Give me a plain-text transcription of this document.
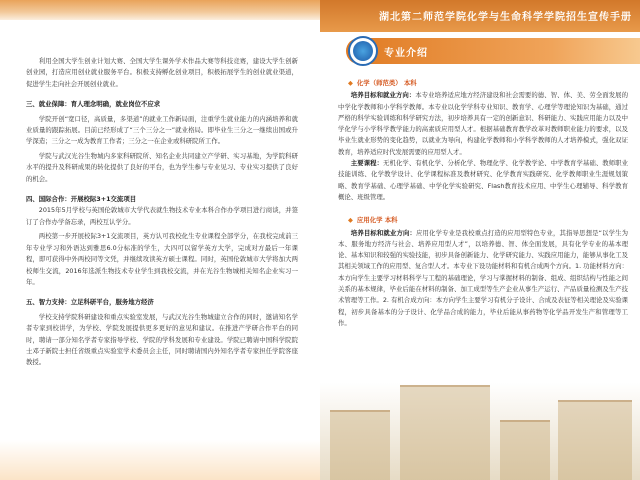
利用全国大学生创业计划大赛、全国大学生课外学术作品大赛等科技竞赛，建设大学生创新创业园，打造应用创业就业服务平台。积极支持孵化创业项目，积极拓展学生的创业就业渠道，促进学生走向社会开展创业就业。

三、就业保障：育人理念明确，就业岗位不应求

学院开创“宽口径，高质量，多渠道”的就业工作新局面，注重学生就业能力的内涵培养和就业质量的跟踪拓展。目前已经形成了“三个三分之一”就业格局。即毕业生三分之一继续出国或升学深造；三分之一成为教育工作者；三分之一在企业或科研院所工作。

学院与武汉光谷生物城内多家科研院所、知名企业共同建立产学研、实习基地，为学院科研水平的提升及科研成果的转化提供了良好的平台，也为学生参与专业见习、专业实习提供了良好的机会。

四、国际合作：开展校际3+1交流项目

2015年5月学校与英国伦敦城市大学代表就生物技术专业本科合作办学项目进行商谈，并签订了合作办学备忘录，两校互认学分。

两校第一步开展校际3+1交流项目，英方认可我校化生专业课程全部学分，在我校完成前三年专业学习和外语达到雅思6.0分标准的学生，大四可以留学英方大学，完成对方最后一年课程，即可获得中外两校同等文凭，并继续攻读英方硕士课程。同时，英国伦敦城市大学将加大两校师生交流，2016年选派生物技术专业学生到我校交流，并在光谷生物城相关知名企业实习一年。

五、智力支持：立足科研平台，服务地方经济

学校支持学院科研建设和重点实验室发展，与武汉光谷生物城建立合作的同时，邀请知名学者专家到校讲学，为学校、学院发展提供更多更好的意见和建议。在推进产学研合作平台的同时，聘请一部分知名学者专家指导学校、学院的学科发展和专业建设。学院已聘请中国科学院院士邓子新院士担任省级重点实验室学术委员会主任，同时聘请国内外知名学者专家担任学院客座教授。

湖北第二师范学院化学与生命科学学院招生宣传手册
专业介绍

◆ 化学（师范类） 本科

培养目标和就业方向：本专业培养适应地方经济建设和社会需要的德、智、体、美、劳全面发展的中学化学教师和小学科学教师。本专业以化学学科专业知识、教育学、心理学等理论知识为基础，通过严格的科学实验训练和科学研究方法，初步培养具有一定的创新意识、科研能力、实践应用能力以及中学化学与小学科学教学能力的高素质应用型人才。根据基础教育教学改革对教师职业能力的要求，以及毕业生就业形势的变化趋势，以就业为导向，构建化学教师和小学科学教师的人才培养模式，强化双证教育，培养适应时代发展需要的应用型人才。

主要课程：无机化学、有机化学、分析化学、物理化学、化学教学论、中学教育学基础、教师职业技能训练、化学教学设计、化学课程标准及教材研究、化学教育实践研究、化学教师职业生涯规划策略、教育学基础、心理学基础、中学化学实验研究、Flash教育技术应用、中学生心理辅导、科学教育概论、班级管理。

◆ 应用化学 本科

培养目标和就业方向：应用化学专业是我校重点打造的应用型特色专业，其指导思想是“以学生为本、服务地方经济与社会、培养应用型人才”，以培养德、智、体全面发展，具有化学专业的基本理论、基本知识和较强的实验技能，初步具备创新能力、化学研究能力、实践应用能力，能够从事化工及其相关领域工作的应用型、复合型人才。本专业下设功能材料和有机合成两个方向。1. 功能材料方向：本方向学生主要学习材料科学与工程的基础理论，学习与掌握材料的制备、组成、组织结构与性能之间关系的基本规律，毕业后能在材料的制备、加工成型等生产企业从事生产运行、产品质量检测及生产技术管理等工作。2. 有机合成方向：本方向学生主要学习有机分子设计、合成及表征等相关理论及实验课程，初步具备基本的分子设计、化学品合成的能力，毕业后能从事药物等化学品开发生产和管理等工作。
